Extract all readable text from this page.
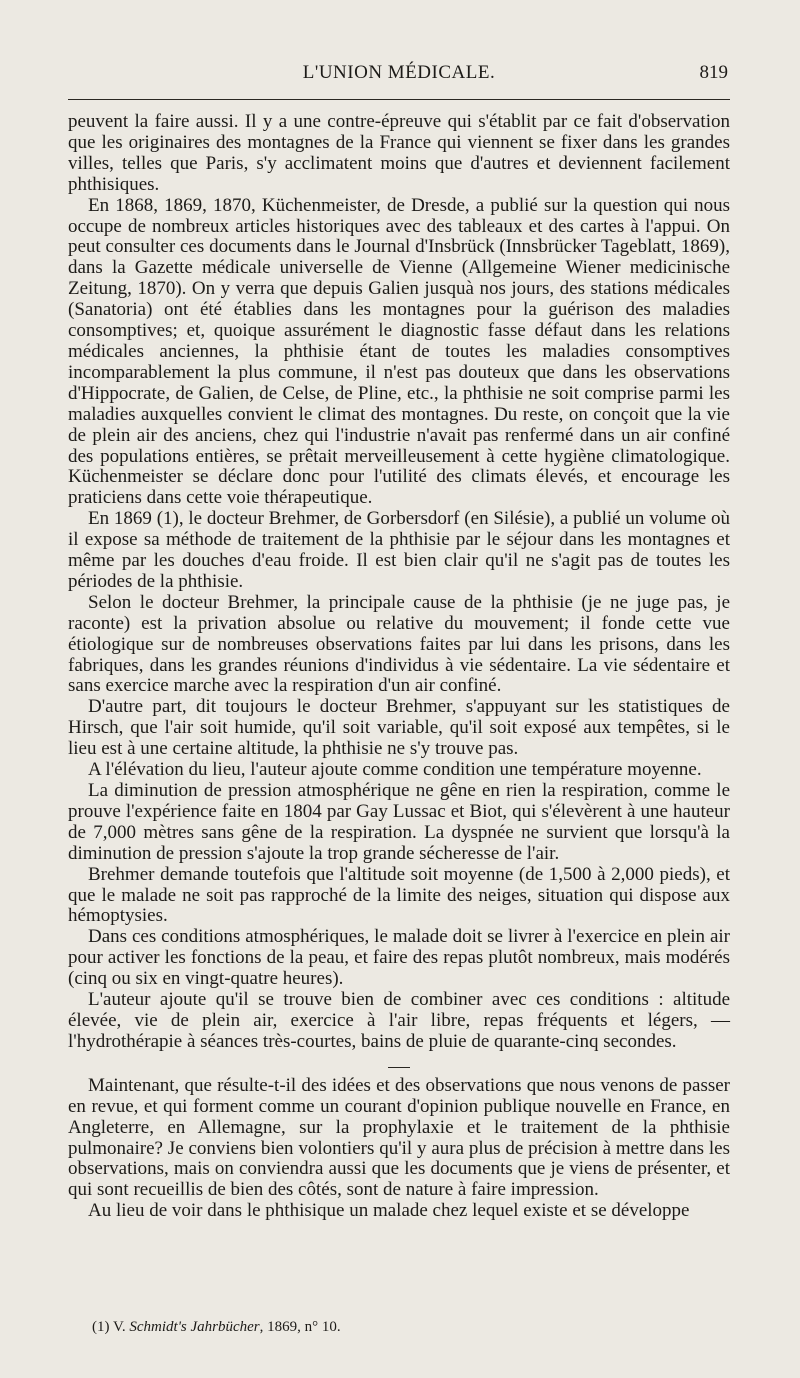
L'UNION MÉDICALE.	819

peuvent la faire aussi. Il y a une contre-épreuve qui s'établit par ce fait d'observation que les originaires des montagnes de la France qui viennent se fixer dans les grandes villes, telles que Paris, s'y acclimatent moins que d'autres et deviennent facilement phthisiques.

En 1868, 1869, 1870, Küchenmeister, de Dresde, a publié sur la question qui nous occupe de nombreux articles historiques avec des tableaux et des cartes à l'appui. On peut consulter ces documents dans le Journal d'Insbrück (Innsbrücker Tageblatt, 1869), dans la Gazette médicale universelle de Vienne (Allgemeine Wiener medicinische Zeitung, 1870). On y verra que depuis Galien jusquà nos jours, des stations médicales (Sanatoria) ont été établies dans les montagnes pour la guérison des maladies consomptives; et, quoique assurément le diagnostic fasse défaut dans les relations médicales anciennes, la phthisie étant de toutes les maladies consomptives incomparablement la plus commune, il n'est pas douteux que dans les observations d'Hippocrate, de Galien, de Celse, de Pline, etc., la phthisie ne soit comprise parmi les maladies auxquelles convient le climat des montagnes. Du reste, on conçoit que la vie de plein air des anciens, chez qui l'industrie n'avait pas renfermé dans un air confiné des populations entières, se prêtait merveilleusement à cette hygiène climatologique. Küchenmeister se déclare donc pour l'utilité des climats élevés, et encourage les praticiens dans cette voie thérapeutique.

En 1869 (1), le docteur Brehmer, de Gorbersdorf (en Silésie), a publié un volume où il expose sa méthode de traitement de la phthisie par le séjour dans les montagnes et même par les douches d'eau froide. Il est bien clair qu'il ne s'agit pas de toutes les périodes de la phthisie.

Selon le docteur Brehmer, la principale cause de la phthisie (je ne juge pas, je raconte) est la privation absolue ou relative du mouvement; il fonde cette vue étiologique sur de nombreuses observations faites par lui dans les prisons, dans les fabriques, dans les grandes réunions d'individus à vie sédentaire. La vie sédentaire et sans exercice marche avec la respiration d'un air confiné.

D'autre part, dit toujours le docteur Brehmer, s'appuyant sur les statistiques de Hirsch, que l'air soit humide, qu'il soit variable, qu'il soit exposé aux tempêtes, si le lieu est à une certaine altitude, la phthisie ne s'y trouve pas.

A l'élévation du lieu, l'auteur ajoute comme condition une température moyenne.

La diminution de pression atmosphérique ne gêne en rien la respiration, comme le prouve l'expérience faite en 1804 par Gay Lussac et Biot, qui s'élevèrent à une hauteur de 7,000 mètres sans gêne de la respiration. La dyspnée ne survient que lorsqu'à la diminution de pression s'ajoute la trop grande sécheresse de l'air.

Brehmer demande toutefois que l'altitude soit moyenne (de 1,500 à 2,000 pieds), et que le malade ne soit pas rapproché de la limite des neiges, situation qui dispose aux hémoptysies.

Dans ces conditions atmosphériques, le malade doit se livrer à l'exercice en plein air pour activer les fonctions de la peau, et faire des repas plutôt nombreux, mais modérés (cinq ou six en vingt-quatre heures).

L'auteur ajoute qu'il se trouve bien de combiner avec ces conditions : altitude élevée, vie de plein air, exercice à l'air libre, repas fréquents et légers, — l'hydrothérapie à séances très-courtes, bains de pluie de quarante-cinq secondes.

Maintenant, que résulte-t-il des idées et des observations que nous venons de passer en revue, et qui forment comme un courant d'opinion publique nouvelle en France, en Angleterre, en Allemagne, sur la prophylaxie et le traitement de la phthisie pulmonaire? Je conviens bien volontiers qu'il y aura plus de précision à mettre dans les observations, mais on conviendra aussi que les documents que je viens de présenter, et qui sont recueillis de bien des côtés, sont de nature à faire impression.

Au lieu de voir dans le phthisique un malade chez lequel existe et se développe

(1) V. Schmidt's Jahrbücher, 1869, n° 10.
